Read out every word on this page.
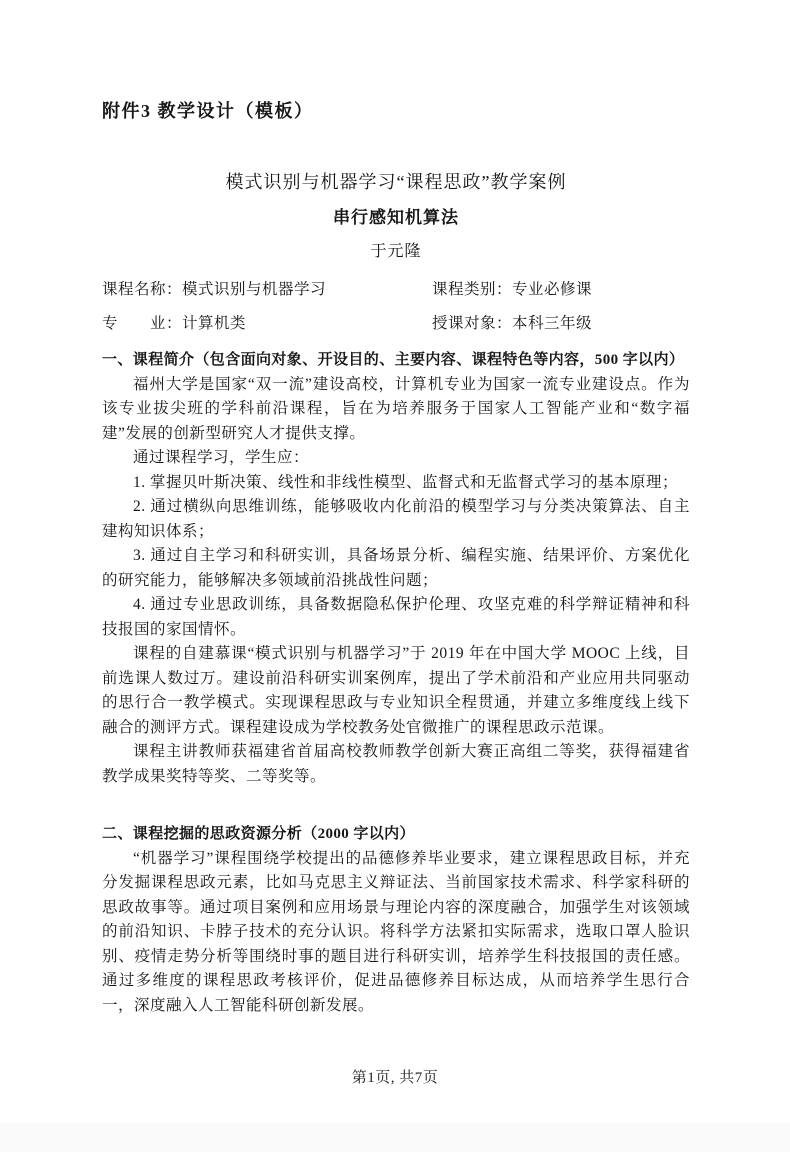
附件3 教学设计（模板）
模式识别与机器学习“课程思政”教学案例
串行感知机算法
于元隆
课程名称：模式识别与机器学习	课程类别：专业必修课
专　　业：计算机类	授课对象：本科三年级
一、课程简介（包含面向对象、开设目的、主要内容、课程特色等内容，500 字以内）

福州大学是国家“双一流”建设高校，计算机专业为国家一流专业建设点。作为该专业拔尖班的学科前沿课程，旨在为培养服务于国家人工智能产业和“数字福建”发展的创新型研究人才提供支撑。

通过课程学习，学生应：

1. 掌握贝叶斯决策、线性和非线性模型、监督式和无监督式学习的基本原理；

2. 通过横纵向思维训练，能够吸收内化前沿的模型学习与分类决策算法、自主建构知识体系；

3. 通过自主学习和科研实训，具备场景分析、编程实施、结果评价、方案优化的研究能力，能够解决多领域前沿挑战性问题；

4. 通过专业思政训练，具备数据隐私保护伦理、攻坚克难的科学辩证精神和科技报国的家国情怀。

课程的自建慕课“模式识别与机器学习”于 2019 年在中国大学 MOOC 上线，目前选课人数过万。建设前沿科研实训案例库，提出了学术前沿和产业应用共同驱动的思行合一教学模式。实现课程思政与专业知识全程贯通，并建立多维度线上线下融合的测评方式。课程建设成为学校教务处官微推广的课程思政示范课。

课程主讲教师获福建省首届高校教师教学创新大赛正高组二等奖，获得福建省教学成果奖特等奖、二等奖等。

二、课程挖掘的思政资源分析（2000 字以内）

“机器学习”课程围绕学校提出的品德修养毕业要求，建立课程思政目标，并充分发掘课程思政元素，比如马克思主义辩证法、当前国家技术需求、科学家科研的思政故事等。通过项目案例和应用场景与理论内容的深度融合，加强学生对该领域的前沿知识、卡脖子技术的充分认识。将科学方法紧扣实际需求，选取口罩人脸识别、疫情走势分析等围绕时事的题目进行科研实训，培养学生科技报国的责任感。通过多维度的课程思政考核评价，促进品德修养目标达成，从而培养学生思行合一，深度融入人工智能科研创新发展。

第1页, 共7页
